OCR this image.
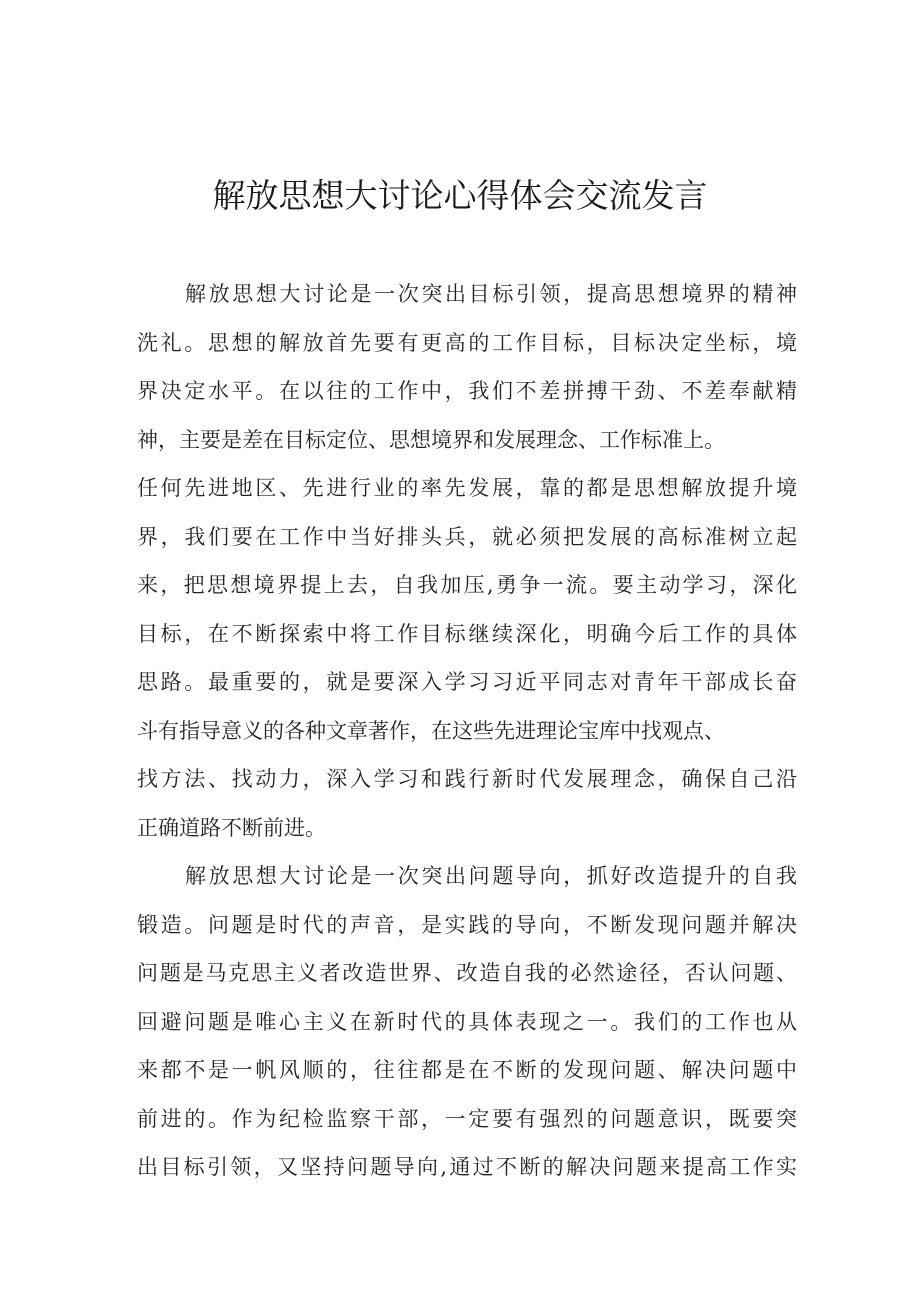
解放思想大讨论心得体会交流发言
解放思想大讨论是一次突出目标引领，提高思想境界的精神
洗礼。思想的解放首先要有更高的工作目标，目标决定坐标，境
界决定水平。在以往的工作中，我们不差拼搏干劲、不差奉献精
神，主要是差在目标定位、思想境界和发展理念、工作标准上。
任何先进地区、先进行业的率先发展，靠的都是思想解放提升境
界，我们要在工作中当好排头兵，就必须把发展的高标准树立起
来，把思想境界提上去，自我加压,勇争一流。要主动学习，深化
目标，在不断探索中将工作目标继续深化，明确今后工作的具体
思路。最重要的，就是要深入学习习近平同志对青年干部成长奋
斗有指导意义的各种文章著作，在这些先进理论宝库中找观点、
找方法、找动力，深入学习和践行新时代发展理念，确保自己沿
正确道路不断前进。
解放思想大讨论是一次突出问题导向，抓好改造提升的自我
锻造。问题是时代的声音，是实践的导向，不断发现问题并解决
问题是马克思主义者改造世界、改造自我的必然途径，否认问题、
回避问题是唯心主义在新时代的具体表现之一。我们的工作也从
来都不是一帆风顺的，往往都是在不断的发现问题、解决问题中
前进的。作为纪检监察干部，一定要有强烈的问题意识，既要突
出目标引领，又坚持问题导向,通过不断的解决问题来提高工作实
